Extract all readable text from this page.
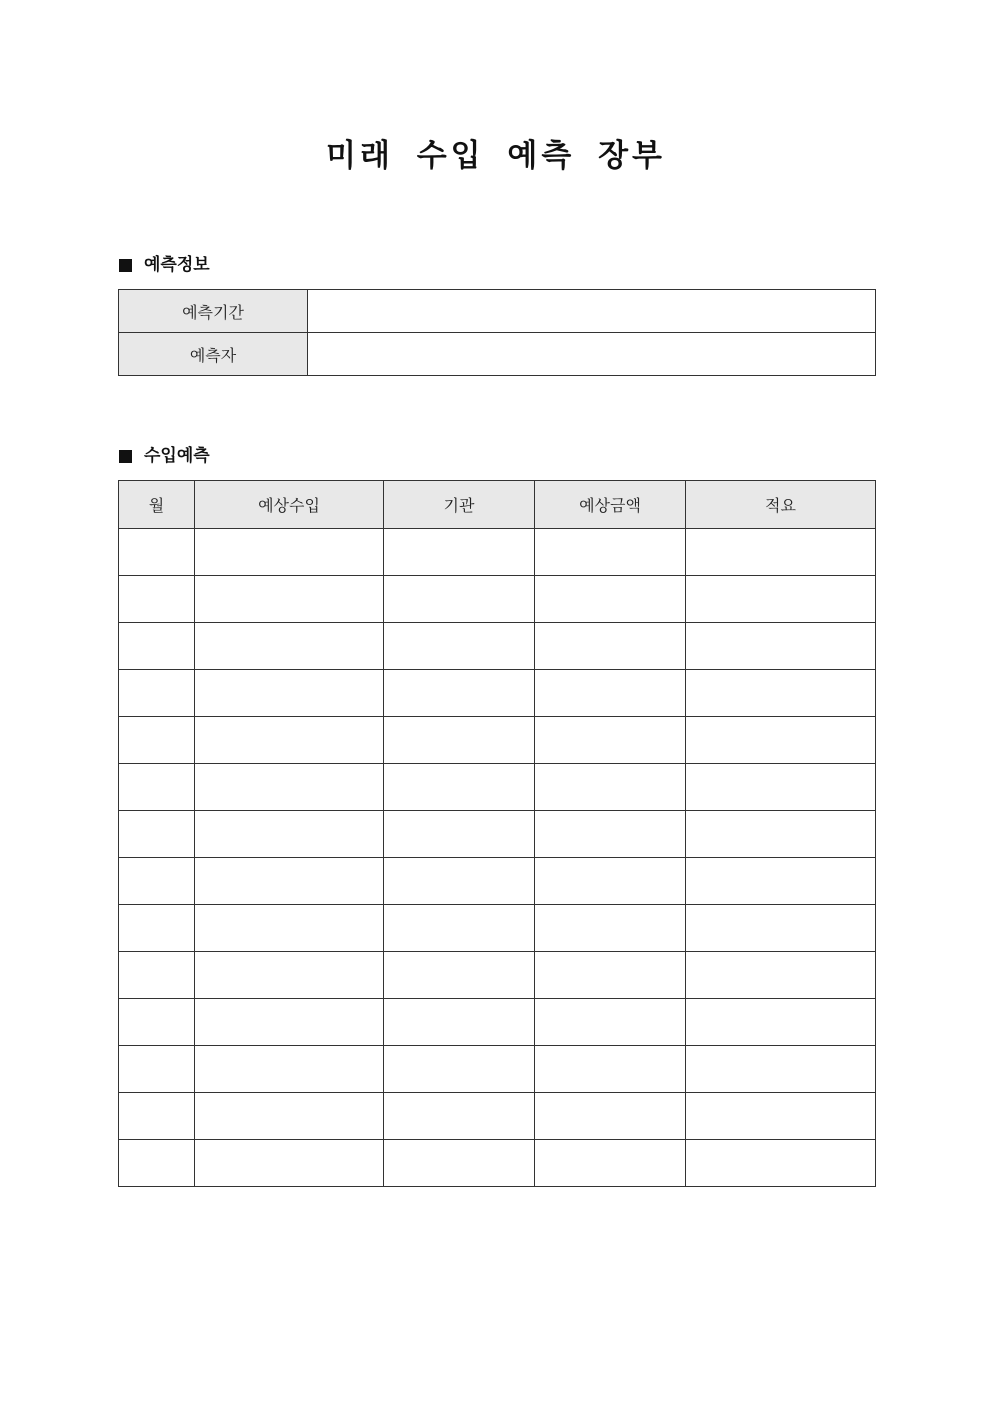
미래 수입 예측 장부
예측정보
예측기간	
예측자	
수입예측
월	예상수입	기관	예상금액	적요
